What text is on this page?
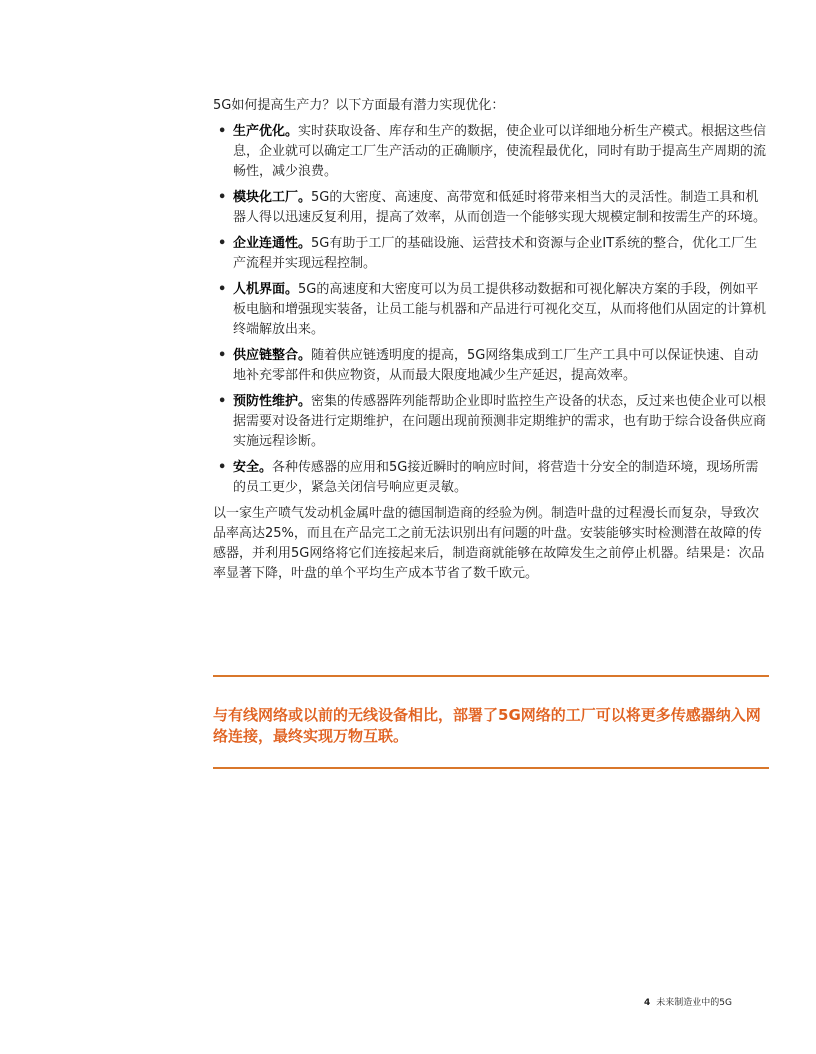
5G如何提高生产力？以下方面最有潜力实现优化：

• 生产优化。实时获取设备、库存和生产的数据，使企业可以详细地分析生产模式。根据这些信息，企业就可以确定工厂生产活动的正确顺序，使流程最优化，同时有助于提高生产周期的流畅性，减少浪费。
• 模块化工厂。5G的大密度、高速度、高带宽和低延时将带来相当大的灵活性。制造工具和机器人得以迅速反复利用，提高了效率，从而创造一个能够实现大规模定制和按需生产的环境。
• 企业连通性。5G有助于工厂的基础设施、运营技术和资源与企业IT系统的整合，优化工厂生产流程并实现远程控制。
• 人机界面。5G的高速度和大密度可以为员工提供移动数据和可视化解决方案的手段，例如平板电脑和增强现实装备，让员工能与机器和产品进行可视化交互，从而将他们从固定的计算机终端解放出来。
• 供应链整合。随着供应链透明度的提高，5G网络集成到工厂生产工具中可以保证快速、自动地补充零部件和供应物资，从而最大限度地减少生产延迟，提高效率。
• 预防性维护。密集的传感器阵列能帮助企业即时监控生产设备的状态，反过来也使企业可以根据需要对设备进行定期维护，在问题出现前预测非定期维护的需求，也有助于综合设备供应商实施远程诊断。
• 安全。各种传感器的应用和5G接近瞬时的响应时间，将营造十分安全的制造环境，现场所需的员工更少，紧急关闭信号响应更灵敏。

以一家生产喷气发动机金属叶盘的德国制造商的经验为例。制造叶盘的过程漫长而复杂，导致次品率高达25%，而且在产品完工之前无法识别出有问题的叶盘。安装能够实时检测潜在故障的传感器，并利用5G网络将它们连接起来后，制造商就能够在故障发生之前停止机器。结果是：次品率显著下降，叶盘的单个平均生产成本节省了数千欧元。

与有线网络或以前的无线设备相比，部署了5G网络的工厂可以将更多传感器纳入网络连接，最终实现万物互联。

4 未来制造业中的5G
